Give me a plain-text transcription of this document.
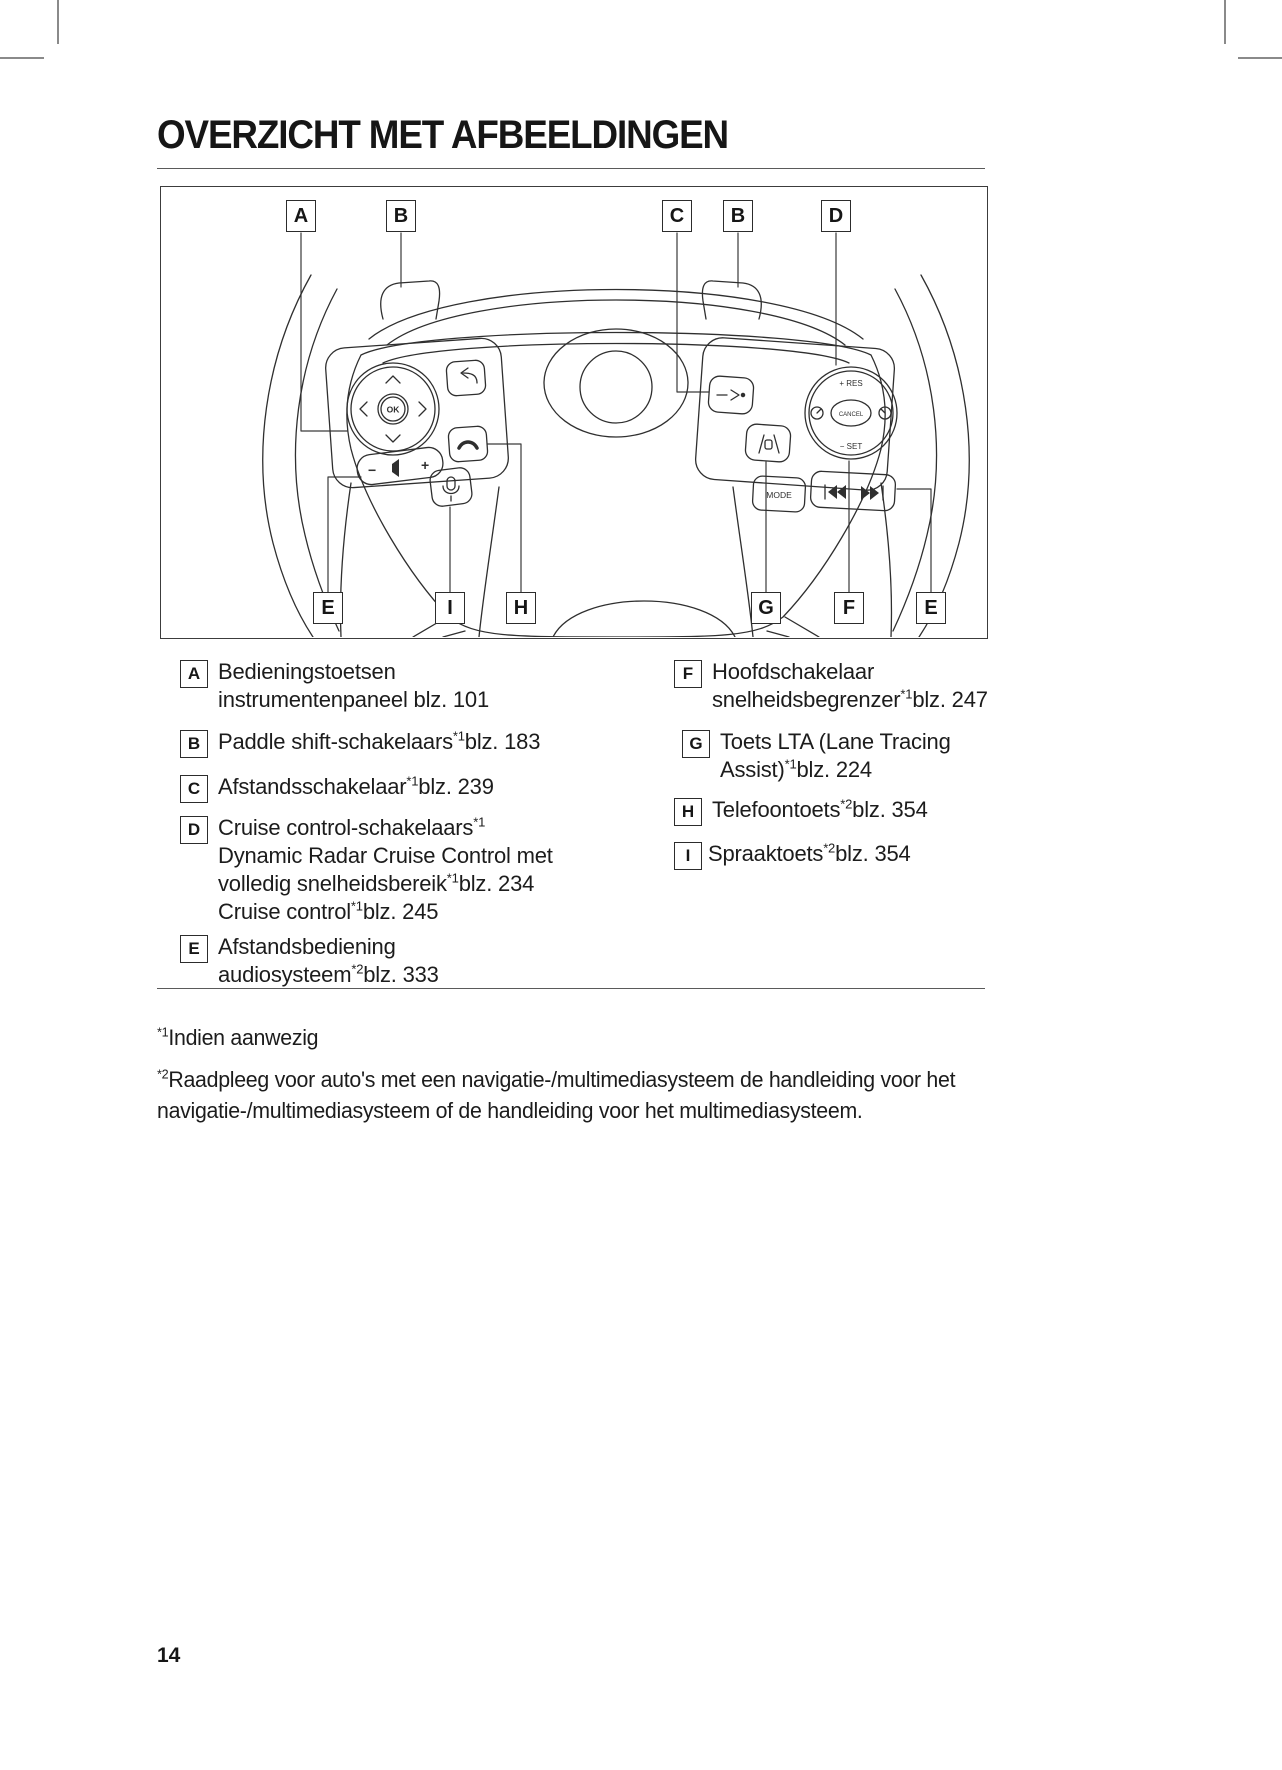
OVERZICHT MET AFBEELDINGEN
OK
−	+
+ RES
CANCEL
− SET
MODE
A	B	C	B	D
E	I	H	G	F	E
A Bedieningstoetsen
instrumentenpaneel blz. 101
B Paddle shift-schakelaars$^{*1}$blz. 183
C Afstandsschakelaar$^{*1}$blz. 239
D Cruise control-schakelaars$^{*1}$
Dynamic Radar Cruise Control met
volledig snelheidsbereik$^{*1}$blz. 234
Cruise control$^{*1}$blz. 245
E Afstandsbediening
audiosysteem$^{*2}$blz. 333
F Hoofdschakelaar
snelheidsbegrenzer$^{*1}$blz. 247
G Toets LTA (Lane Tracing
Assist)$^{*1}$blz. 224
H Telefoontoets$^{*2}$blz. 354
I Spraaktoets$^{*2}$blz. 354

$^{*1}$Indien aanwezig

$^{*2}$Raadpleeg voor auto's met een navigatie-/multimediasysteem de handleiding voor het
navigatie-/multimediasysteem of de handleiding voor het multimediasysteem.

14
